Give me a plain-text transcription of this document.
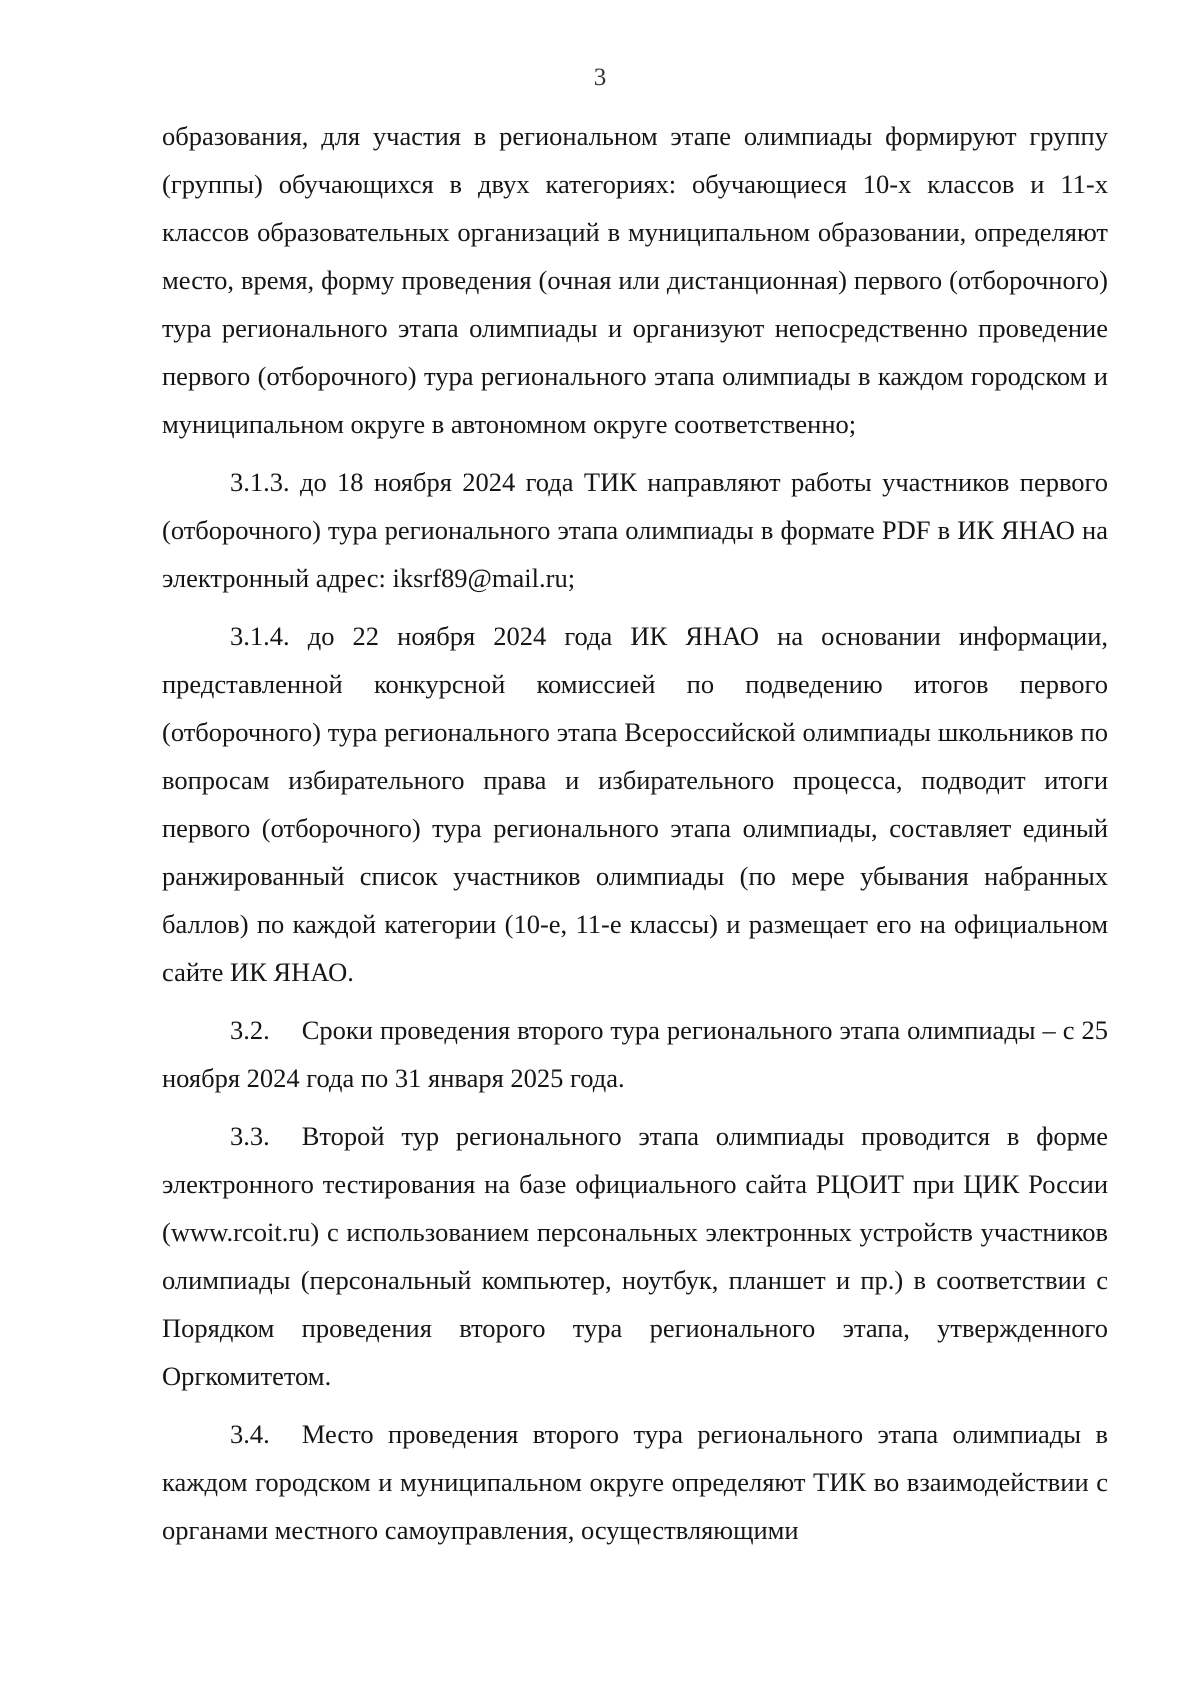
3

образования, для участия в региональном этапе олимпиады формируют группу (группы) обучающихся в двух категориях: обучающиеся 10-х классов и 11-х классов образовательных организаций в муниципальном образовании, определяют место, время, форму проведения (очная или дистанционная) первого (отборочного) тура регионального этапа олимпиады и организуют непосредственно проведение первого (отборочного) тура регионального этапа олимпиады в каждом городском и муниципальном округе в автономном округе соответственно;

3.1.3. до 18 ноября 2024 года ТИК направляют работы участников первого (отборочного) тура регионального этапа олимпиады в формате PDF в ИК ЯНАО на электронный адрес: iksrf89@mail.ru;

3.1.4. до 22 ноября 2024 года ИК ЯНАО на основании информации, представленной конкурсной комиссией по подведению итогов первого (отборочного) тура регионального этапа Всероссийской олимпиады школьников по вопросам избирательного права и избирательного процесса, подводит итоги первого (отборочного) тура регионального этапа олимпиады, составляет единый ранжированный список участников олимпиады (по мере убывания набранных баллов) по каждой категории (10-е, 11-е классы) и размещает его на официальном сайте ИК ЯНАО.

3.2. Сроки проведения второго тура регионального этапа олимпиады – с 25 ноября 2024 года по 31 января 2025 года.

3.3. Второй тур регионального этапа олимпиады проводится в форме электронного тестирования на базе официального сайта РЦОИТ при ЦИК России (www.rcoit.ru) с использованием персональных электронных устройств участников олимпиады (персональный компьютер, ноутбук, планшет и пр.) в соответствии с Порядком проведения второго тура регионального этапа, утвержденного Оргкомитетом.

3.4. Место проведения второго тура регионального этапа олимпиады в каждом городском и муниципальном округе определяют ТИК во взаимодействии с органами местного самоуправления, осуществляющими
